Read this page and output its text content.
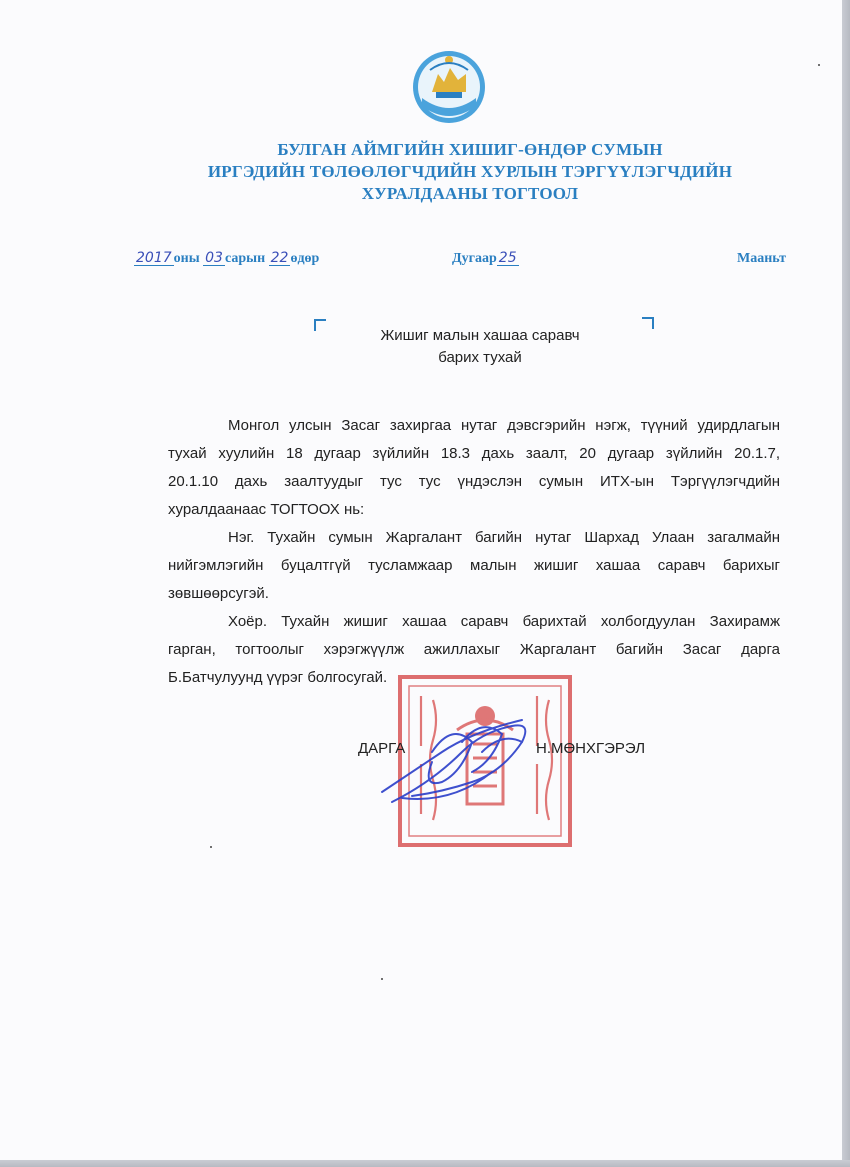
БУЛГАН АЙМГИЙН ХИШИГ-ӨНДӨР СУМЫН
ИРГЭДИЙН ТӨЛӨӨЛӨГЧДИЙН ХУРЛЫН ТЭРГҮҮЛЭГЧДИЙН
ХУРАЛДААНЫ ТОГТООЛ
2017 оны 03 сарын 22 өдөр	Дугаар 25	Мааньт
Жишиг малын хашаа саравч
барих тухай
Монгол улсын Засаг захиргаа нутаг дэвсгэрийн нэгж, түүний удирдлагын
тухай хуулийн 18 дугаар зүйлийн 18.3 дахь заалт, 20 дугаар зүйлийн 20.1.7,
20.1.10 дахь заалтуудыг тус тус үндэслэн сумын ИТХ-ын Тэргүүлэгчдийн
хуралдаанаас ТОГТООХ нь:
Нэг. Тухайн сумын Жаргалант багийн нутаг Шархад Улаан загалмайн
нийгэмлэгийн буцалтгүй тусламжаар малын жишиг хашаа саравч барихыг
зөвшөөрсугэй.
Хоёр. Тухайн жишиг хашаа саравч барихтай холбогдуулан Захирамж
гарган, тогтоолыг хэрэгжүүлж ажиллахыг Жаргалант багийн Засаг дарга
Б.Батчулуунд үүрэг болгосугай.
ДАРГА	Н.МӨНХГЭРЭЛ
